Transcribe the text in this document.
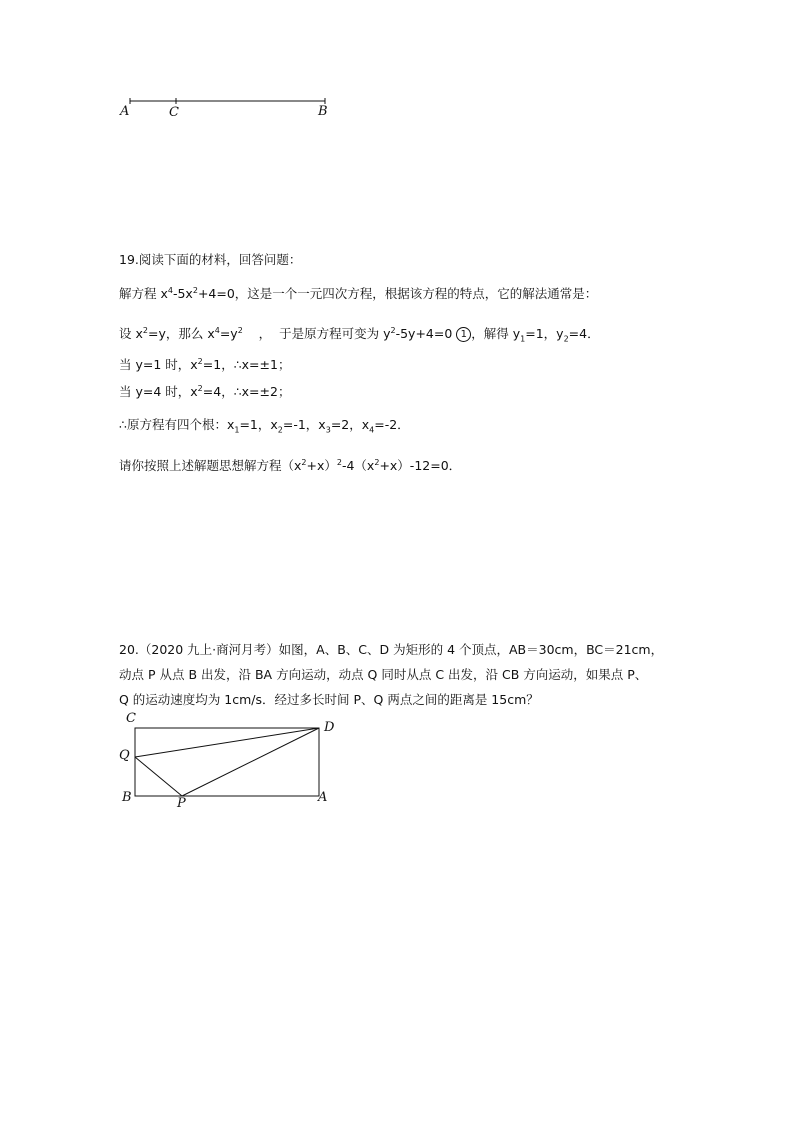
A	C	B
19.阅读下面的材料，回答问题：
解方程 $x^4-5x^2+4=0$，这是一个一元四次方程，根据该方程的特点，它的解法通常是：
设 $x^2=y$，那么 $x^4=y^2$    ，  于是原方程可变为 $y^2-5y+4=0$ 1 ，解得 $y_1=1$，$y_2=4$．
当 y=1 时，$x^2=1$，∴x=±1；
当 y=4 时，$x^2=4$，∴x=±2；
∴原方程有四个根：$x_1=1$，$x_2=-1$，$x_3=2$，$x_4=-2$．
请你按照上述解题思想解方程$(x^2+x)^2-4(x^2+x)-12=0$．
20.（2020 九上·商河月考）如图，A、B、C、D 为矩形的 4 个顶点，AB＝30cm，BC＝21cm，
动点 P 从点 B 出发，沿 BA 方向运动，动点 Q 同时从点 C 出发，沿 CB 方向运动，如果点 P、
Q 的运动速度均为 1cm/s．经过多长时间 P、Q 两点之间的距离是 15cm？
C
D
Q
B	P	A
